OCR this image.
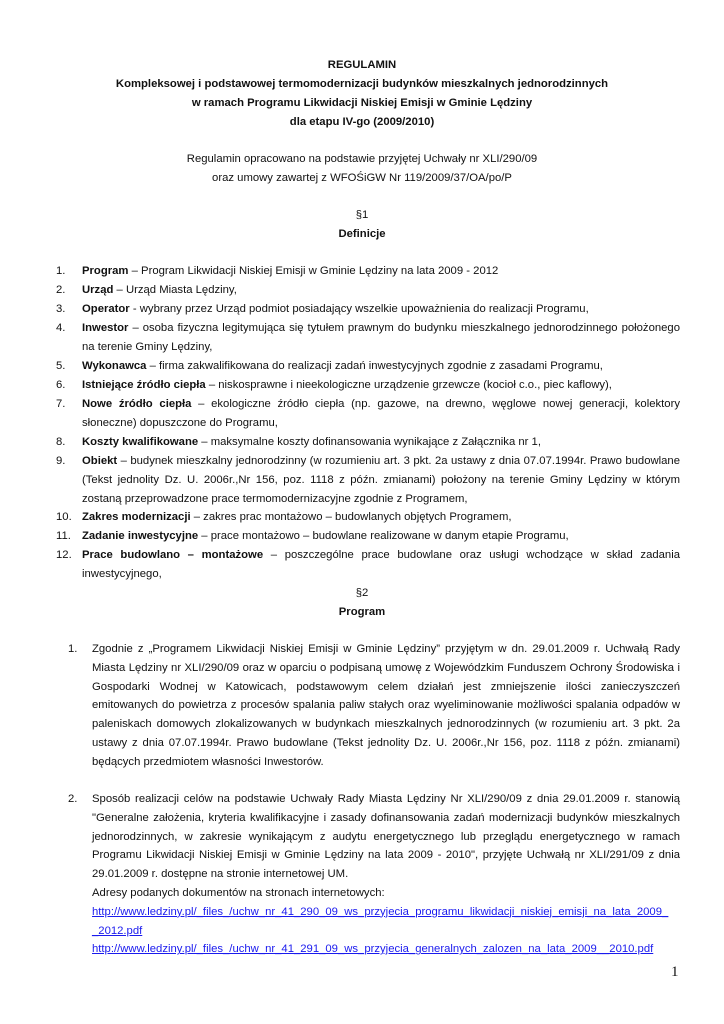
REGULAMIN
Kompleksowej i podstawowej termomodernizacji budynków mieszkalnych jednorodzinnych
w ramach Programu Likwidacji Niskiej Emisji w Gminie Lędziny
dla etapu IV-go (2009/2010)
Regulamin opracowano na podstawie przyjętej Uchwały nr XLI/290/09
oraz umowy zawartej z WFOŚiGW Nr 119/2009/37/OA/po/P
§1
Definicje
1.	Program – Program Likwidacji Niskiej Emisji w Gminie Lędziny na lata 2009 - 2012
2.	Urząd – Urząd Miasta Lędziny,
3.	Operator - wybrany przez Urząd podmiot posiadający wszelkie upoważnienia do realizacji Programu,
4.	Inwestor – osoba fizyczna legitymująca się tytułem prawnym do budynku mieszkalnego jednorodzinnego położonego na terenie Gminy Lędziny,
5.	Wykonawca – firma zakwalifikowana do realizacji zadań inwestycyjnych zgodnie z zasadami Programu,
6.	Istniejące źródło ciepła – niskosprawne i nieekologiczne urządzenie grzewcze (kocioł c.o., piec kaflowy),
7.	Nowe źródło ciepła – ekologiczne źródło ciepła (np. gazowe, na drewno, węglowe nowej generacji, kolektory słoneczne) dopuszczone do Programu,
8.	Koszty kwalifikowane – maksymalne koszty dofinansowania wynikające z Załącznika nr 1,
9.	Obiekt – budynek mieszkalny jednorodzinny (w rozumieniu art. 3 pkt. 2a ustawy z dnia 07.07.1994r. Prawo budowlane (Tekst jednolity Dz. U. 2006r.,Nr 156, poz. 1118 z późn. zmianami) położony na terenie Gminy Lędziny w którym zostaną przeprowadzone prace termomodernizacyjne zgodnie z Programem,
10. Zakres modernizacji – zakres prac montażowo – budowlanych objętych Programem,
11. Zadanie inwestycyjne – prace montażowo – budowlane realizowane w danym etapie Programu,
12. Prace budowlano – montażowe – poszczególne prace budowlane oraz usługi wchodzące w skład zadania inwestycyjnego,
§2
Program
1.	Zgodnie z „Programem Likwidacji Niskiej Emisji w Gminie Lędziny” przyjętym w dn. 29.01.2009 r. Uchwałą Rady Miasta Lędziny nr XLI/290/09 oraz w oparciu o podpisaną umowę z Wojewódzkim Funduszem Ochrony Środowiska i Gospodarki Wodnej w Katowicach, podstawowym celem działań jest zmniejszenie ilości zanieczyszczeń emitowanych do powietrza z procesów spalania paliw stałych oraz wyeliminowanie możliwości spalania odpadów w paleniskach domowych zlokalizowanych w budynkach mieszkalnych jednorodzinnych (w rozumieniu art. 3 pkt. 2a ustawy z dnia 07.07.1994r. Prawo budowlane (Tekst jednolity Dz. U. 2006r.,Nr 156, poz. 1118 z późn. zmianami) będących przedmiotem własności Inwestorów.
2.	Sposób realizacji celów na podstawie Uchwały Rady Miasta Lędziny Nr XLI/290/09 z dnia 29.01.2009 r. stanowią "Generalne założenia, kryteria kwalifikacyjne i zasady dofinansowania zadań modernizacji budynków mieszkalnych jednorodzinnych, w zakresie wynikającym z audytu energetycznego lub przeglądu energetycznego w ramach Programu Likwidacji Niskiej Emisji w Gminie Lędziny na lata 2009 - 2010", przyjęte Uchwałą nr XLI/291/09 z dnia 29.01.2009 r. dostępne na stronie internetowej UM.
Adresy podanych dokumentów na stronach internetowych:
http://www.ledziny.pl/_files_/uchw_nr_41_290_09_ws_przyjecia_programu_likwidacji_niskiej_emisji_na_lata_2009_
_2012.pdf
http://www.ledziny.pl/_files_/uchw_nr_41_291_09_ws_przyjecia_generalnych_zalozen_na_lata_2009__2010.pdf
1
